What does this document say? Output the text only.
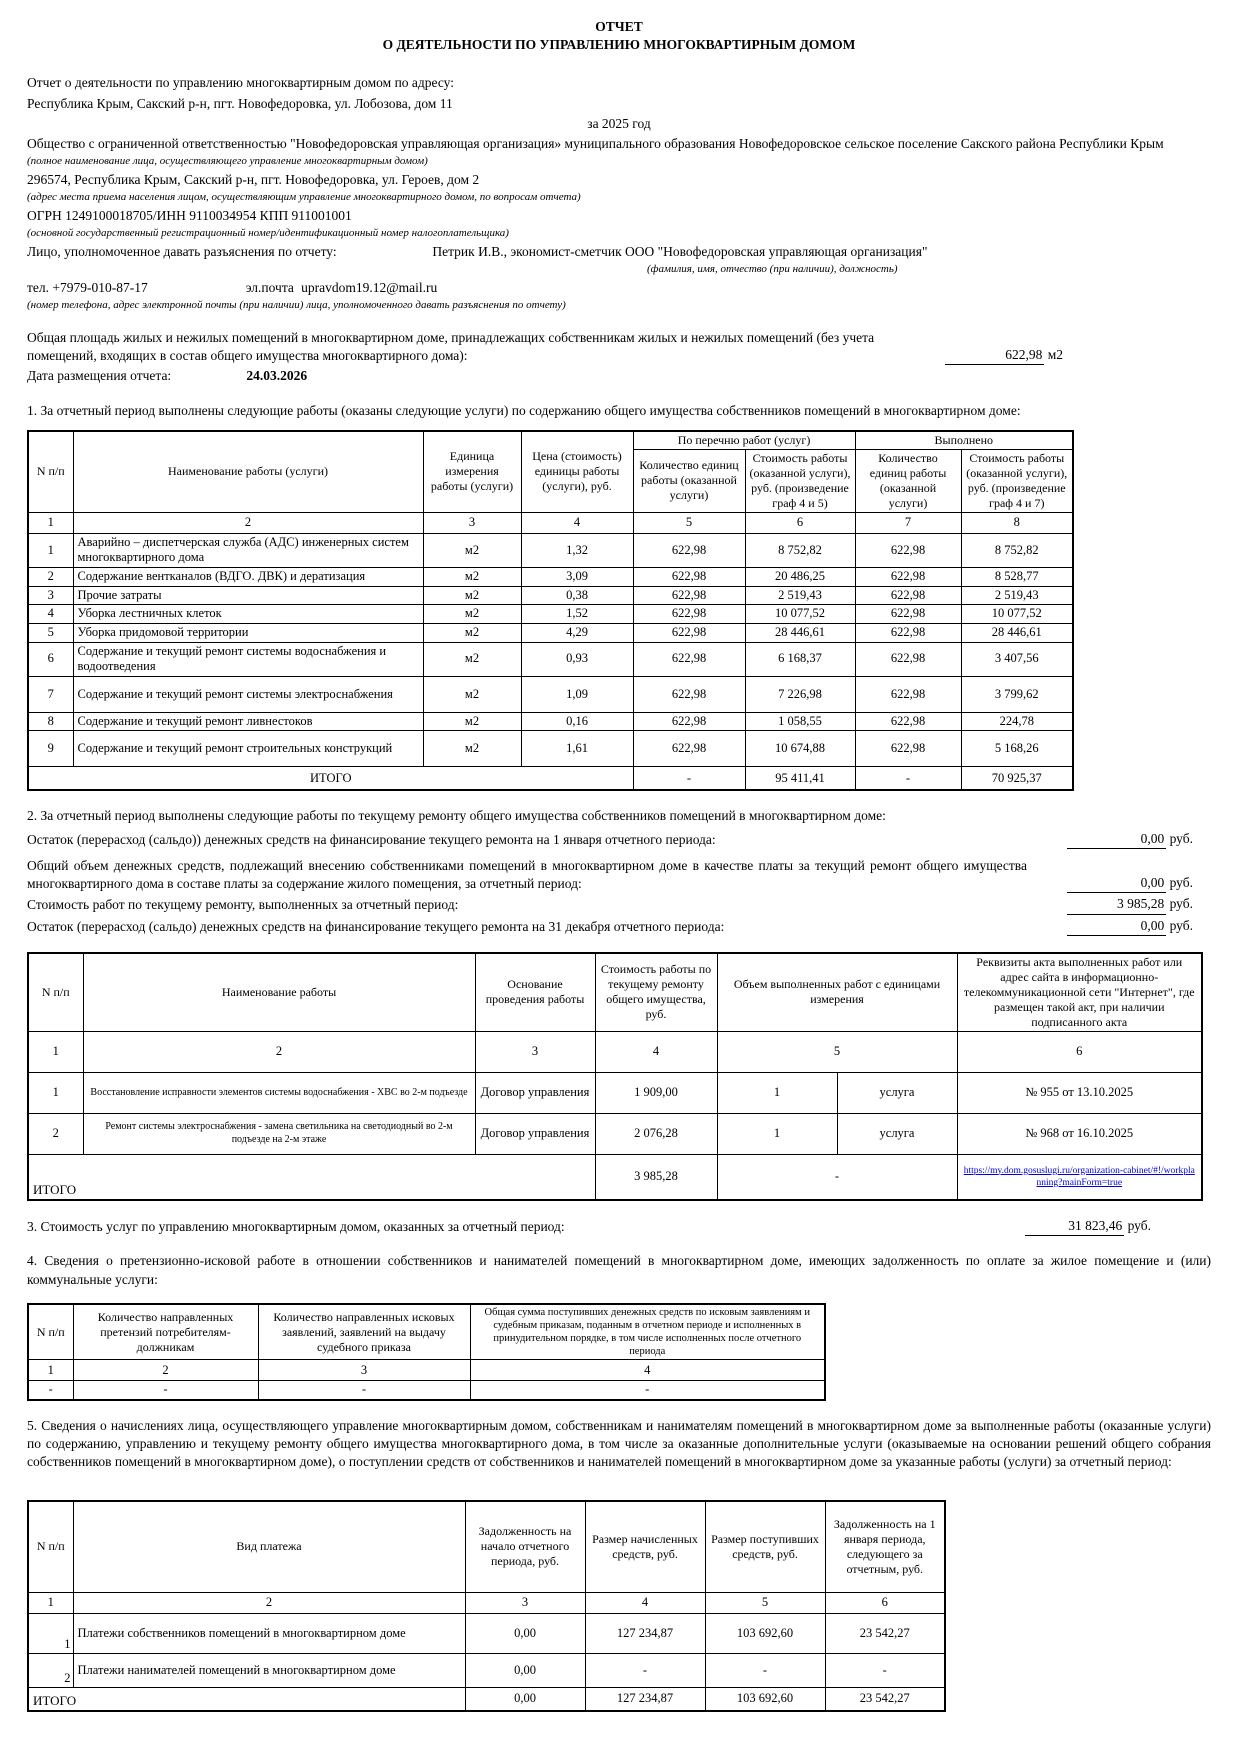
ОТЧЕТ
О ДЕЯТЕЛЬНОСТИ ПО УПРАВЛЕНИЮ МНОГОКВАРТИРНЫМ ДОМОМ
Отчет о деятельности по управлению многоквартирным домом по адресу:
Республика Крым, Сакский р-н, пгт. Новофедоровка, ул. Лобозова, дом 11
за 2025 год
Общество с ограниченной ответственностью "Новофедоровская управляющая организация» муниципального образования Новофедоровское сельское поселение Сакского района Республики Крым
(полное наименование лица, осуществляющего управление многоквартирным домом)
296574, Республика Крым, Сакский р-н, пгт. Новофедоровка, ул. Героев, дом 2
(адрес места приема населения лицом, осуществляющим управление многоквартирного домом, по вопросам отчета)
ОГРН 1249100018705/ИНН 9110034954 КПП 911001001
(основной государственный регистрационный номер/идентификационный номер налогоплательщика)
Лицо, уполномоченное давать разъяснения по отчету:	Петрик И.В., экономист-сметчик ООО "Новофедоровская управляющая организация"
(фамилия, имя, отчество (при наличии), должность)
тел. +7979-010-87-17	эл.почта upravdom19.12@mail.ru
(номер телефона, адрес электронной почты (при наличии) лица, уполномоченного давать разъяснения по отчету)
Общая площадь жилых и нежилых помещений в многоквартирном доме, принадлежащих собственникам жилых и нежилых помещений (без учета помещений, входящих в состав общего имущества многоквартирного дома):	622,98 м2
Дата размещения отчета:	24.03.2026
1. За отчетный период выполнены следующие работы (оказаны следующие услуги) по содержанию общего имущества собственников помещений в многоквартирном доме:
N п/п	Наименование работы (услуги)	Единица измерения работы (услуги)	Цена (стоимость) единицы работы (услуги), руб.	По перечню работ (услуг)		Выполнено	
				Количество единиц работы (оказанной услуги)	Стоимость работы (оказанной услуги), руб. (произведение граф 4 и 5)	Количество единиц работы (оказанной услуги)	Стоимость работы (оказанной услуги), руб. (произведение граф 4 и 7)
1	2	3	4	5	6	7	8
1	Аварийно – диспетчерская служба (АДС) инженерных систем многоквартирного дома	м2	1,32	622,98	8 752,82	622,98	8 752,82
2	Содержание вентканалов (ВДГО. ДВК) и дератизация	м2	3,09	622,98	20 486,25	622,98	8 528,77
3	Прочие затраты	м2	0,38	622,98	2 519,43	622,98	2 519,43
4	Уборка лестничных клеток	м2	1,52	622,98	10 077,52	622,98	10 077,52
5	Уборка придомовой территории	м2	4,29	622,98	28 446,61	622,98	28 446,61
6	Содержание и текущий ремонт системы водоснабжения и водоотведения	м2	0,93	622,98	6 168,37	622,98	3 407,56
7	Содержание и текущий ремонт системы электроснабжения	м2	1,09	622,98	7 226,98	622,98	3 799,62
8	Содержание и текущий ремонт ливнестоков	м2	0,16	622,98	1 058,55	622,98	224,78
9	Содержание и текущий ремонт строительных конструкций	м2	1,61	622,98	10 674,88	622,98	5 168,26
ИТОГО				-	95 411,41	-	70 925,37
2. За отчетный период выполнены следующие работы по текущему ремонту общего имущества собственников помещений в многоквартирном доме:
Остаток (перерасход (сальдо)) денежных средств на финансирование текущего ремонта на 1 января отчетного периода:	0,00 руб.
Общий объем денежных средств, подлежащий внесению собственниками помещений в многоквартирном доме в качестве платы за текущий ремонт общего имущества многоквартирного дома в составе платы за содержание жилого помещения, за отчетный период:	0,00 руб.
Стоимость работ по текущему ремонту, выполненных за отчетный период:	3 985,28 руб.
Остаток (перерасход (сальдо) денежных средств на финансирование текущего ремонта на 31 декабря отчетного периода:	0,00 руб.
N п/п	Наименование работы	Основание проведения работы	Стоимость работы по текущему ремонту общего имущества, руб.	Объем выполненных работ с единицами измерения		Реквизиты акта выполненных работ или адрес сайта в информационно-телекоммуникационной сети "Интернет", где размещен такой акт, при наличии подписанного акта
1	2	3	4	5		6
1	Восстановление исправности элементов системы водоснабжения - ХВС во 2-м подъезде	Договор управления	1 909,00	1	услуга	№ 955 от 13.10.2025
2	Ремонт системы электроснабжения - замена светильника на светодиодный во 2-м подъезде на 2-м этаже	Договор управления	2 076,28	1	услуга	№ 968 от 16.10.2025
ИТОГО			3 985,28	-		https://my.dom.gosuslugi.ru/organization-cabinet/#!/workplanning?mainForm=true
3. Стоимость услуг по управлению многоквартирным домом, оказанных за отчетный период:	31 823,46 руб.
4. Сведения о претензионно-исковой работе в отношении собственников и нанимателей помещений в многоквартирном доме, имеющих задолженность по оплате за жилое помещение и (или) коммунальные услуги:
N п/п	Количество направленных претензий потребителям-должникам	Количество направленных исковых заявлений, заявлений на выдачу судебного приказа	Общая сумма поступивших денежных средств по исковым заявлениям и судебным приказам, поданным в отчетном периоде и исполненных в принудительном порядке, в том числе исполненных после отчетного периода
1	2	3	4
-	-	-	-
5. Сведения о начислениях лица, осуществляющего управление многоквартирным домом, собственникам и нанимателям помещений в многоквартирном доме за выполненные работы (оказанные услуги) по содержанию, управлению и текущему ремонту общего имущества многоквартирного дома, в том числе за оказанные дополнительные услуги (оказываемые на основании решений общего собрания собственников помещений в многоквартирном доме), о поступлении средств от собственников и нанимателей помещений в многоквартирном доме за указанные работы (услуги) за отчетный период:
N п/п	Вид платежа	Задолженность на начало отчетного периода, руб.	Размер начисленных средств, руб.	Размер поступивших средств, руб.	Задолженность на 1 января периода, следующего за отчетным, руб.
1	2	3	4	5	6
1	Платежи собственников помещений в многоквартирном доме	0,00	127 234,87	103 692,60	23 542,27
2	Платежи нанимателей помещений в многоквартирном доме	0,00	-	-	-
ИТОГО		0,00	127 234,87	103 692,60	23 542,27
